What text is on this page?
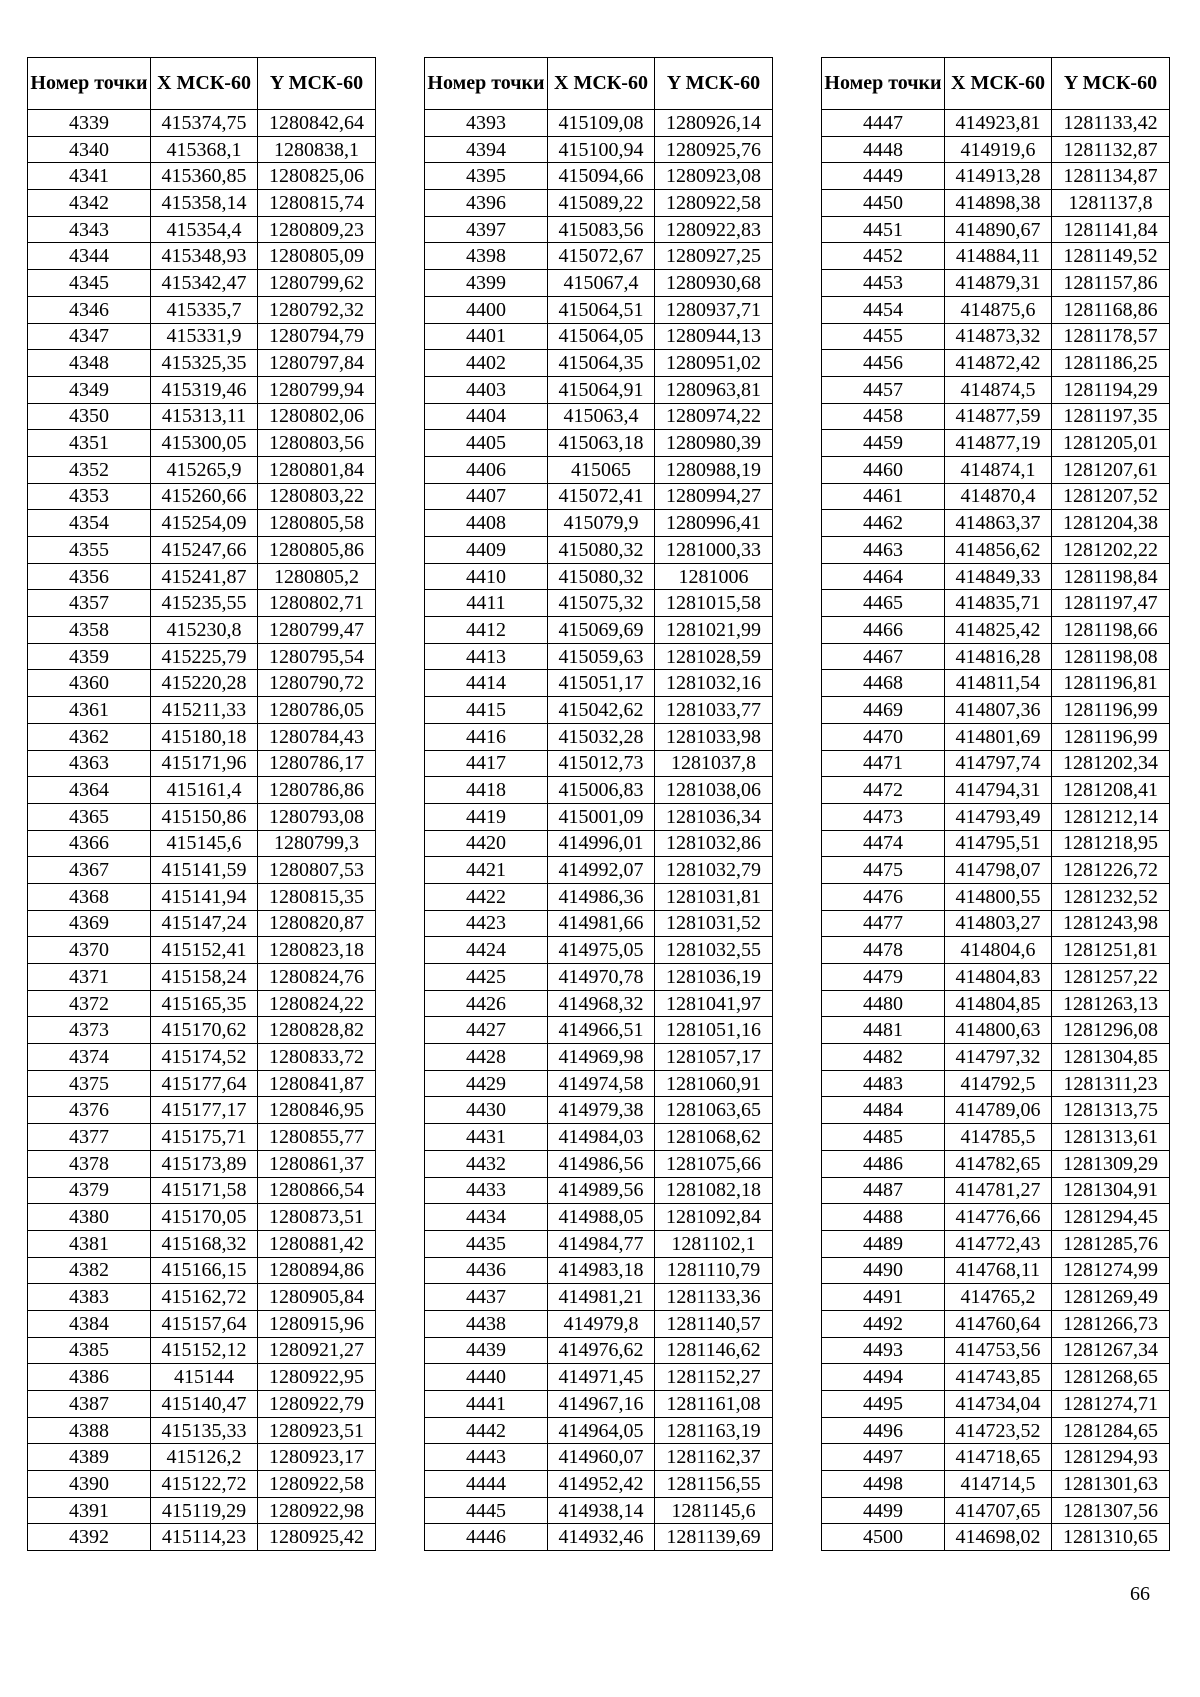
Номер точки	X МСК-60	Y МСК-60
4339	415374,75	1280842,64
4340	415368,1	1280838,1
4341	415360,85	1280825,06
4342	415358,14	1280815,74
4343	415354,4	1280809,23
4344	415348,93	1280805,09
4345	415342,47	1280799,62
4346	415335,7	1280792,32
4347	415331,9	1280794,79
4348	415325,35	1280797,84
4349	415319,46	1280799,94
4350	415313,11	1280802,06
4351	415300,05	1280803,56
4352	415265,9	1280801,84
4353	415260,66	1280803,22
4354	415254,09	1280805,58
4355	415247,66	1280805,86
4356	415241,87	1280805,2
4357	415235,55	1280802,71
4358	415230,8	1280799,47
4359	415225,79	1280795,54
4360	415220,28	1280790,72
4361	415211,33	1280786,05
4362	415180,18	1280784,43
4363	415171,96	1280786,17
4364	415161,4	1280786,86
4365	415150,86	1280793,08
4366	415145,6	1280799,3
4367	415141,59	1280807,53
4368	415141,94	1280815,35
4369	415147,24	1280820,87
4370	415152,41	1280823,18
4371	415158,24	1280824,76
4372	415165,35	1280824,22
4373	415170,62	1280828,82
4374	415174,52	1280833,72
4375	415177,64	1280841,87
4376	415177,17	1280846,95
4377	415175,71	1280855,77
4378	415173,89	1280861,37
4379	415171,58	1280866,54
4380	415170,05	1280873,51
4381	415168,32	1280881,42
4382	415166,15	1280894,86
4383	415162,72	1280905,84
4384	415157,64	1280915,96
4385	415152,12	1280921,27
4386	415144	1280922,95
4387	415140,47	1280922,79
4388	415135,33	1280923,51
4389	415126,2	1280923,17
4390	415122,72	1280922,58
4391	415119,29	1280922,98
4392	415114,23	1280925,42
Номер точки	X МСК-60	Y МСК-60
4393	415109,08	1280926,14
4394	415100,94	1280925,76
4395	415094,66	1280923,08
4396	415089,22	1280922,58
4397	415083,56	1280922,83
4398	415072,67	1280927,25
4399	415067,4	1280930,68
4400	415064,51	1280937,71
4401	415064,05	1280944,13
4402	415064,35	1280951,02
4403	415064,91	1280963,81
4404	415063,4	1280974,22
4405	415063,18	1280980,39
4406	415065	1280988,19
4407	415072,41	1280994,27
4408	415079,9	1280996,41
4409	415080,32	1281000,33
4410	415080,32	1281006
4411	415075,32	1281015,58
4412	415069,69	1281021,99
4413	415059,63	1281028,59
4414	415051,17	1281032,16
4415	415042,62	1281033,77
4416	415032,28	1281033,98
4417	415012,73	1281037,8
4418	415006,83	1281038,06
4419	415001,09	1281036,34
4420	414996,01	1281032,86
4421	414992,07	1281032,79
4422	414986,36	1281031,81
4423	414981,66	1281031,52
4424	414975,05	1281032,55
4425	414970,78	1281036,19
4426	414968,32	1281041,97
4427	414966,51	1281051,16
4428	414969,98	1281057,17
4429	414974,58	1281060,91
4430	414979,38	1281063,65
4431	414984,03	1281068,62
4432	414986,56	1281075,66
4433	414989,56	1281082,18
4434	414988,05	1281092,84
4435	414984,77	1281102,1
4436	414983,18	1281110,79
4437	414981,21	1281133,36
4438	414979,8	1281140,57
4439	414976,62	1281146,62
4440	414971,45	1281152,27
4441	414967,16	1281161,08
4442	414964,05	1281163,19
4443	414960,07	1281162,37
4444	414952,42	1281156,55
4445	414938,14	1281145,6
4446	414932,46	1281139,69
Номер точки	X МСК-60	Y МСК-60
4447	414923,81	1281133,42
4448	414919,6	1281132,87
4449	414913,28	1281134,87
4450	414898,38	1281137,8
4451	414890,67	1281141,84
4452	414884,11	1281149,52
4453	414879,31	1281157,86
4454	414875,6	1281168,86
4455	414873,32	1281178,57
4456	414872,42	1281186,25
4457	414874,5	1281194,29
4458	414877,59	1281197,35
4459	414877,19	1281205,01
4460	414874,1	1281207,61
4461	414870,4	1281207,52
4462	414863,37	1281204,38
4463	414856,62	1281202,22
4464	414849,33	1281198,84
4465	414835,71	1281197,47
4466	414825,42	1281198,66
4467	414816,28	1281198,08
4468	414811,54	1281196,81
4469	414807,36	1281196,99
4470	414801,69	1281196,99
4471	414797,74	1281202,34
4472	414794,31	1281208,41
4473	414793,49	1281212,14
4474	414795,51	1281218,95
4475	414798,07	1281226,72
4476	414800,55	1281232,52
4477	414803,27	1281243,98
4478	414804,6	1281251,81
4479	414804,83	1281257,22
4480	414804,85	1281263,13
4481	414800,63	1281296,08
4482	414797,32	1281304,85
4483	414792,5	1281311,23
4484	414789,06	1281313,75
4485	414785,5	1281313,61
4486	414782,65	1281309,29
4487	414781,27	1281304,91
4488	414776,66	1281294,45
4489	414772,43	1281285,76
4490	414768,11	1281274,99
4491	414765,2	1281269,49
4492	414760,64	1281266,73
4493	414753,56	1281267,34
4494	414743,85	1281268,65
4495	414734,04	1281274,71
4496	414723,52	1281284,65
4497	414718,65	1281294,93
4498	414714,5	1281301,63
4499	414707,65	1281307,56
4500	414698,02	1281310,65
66
